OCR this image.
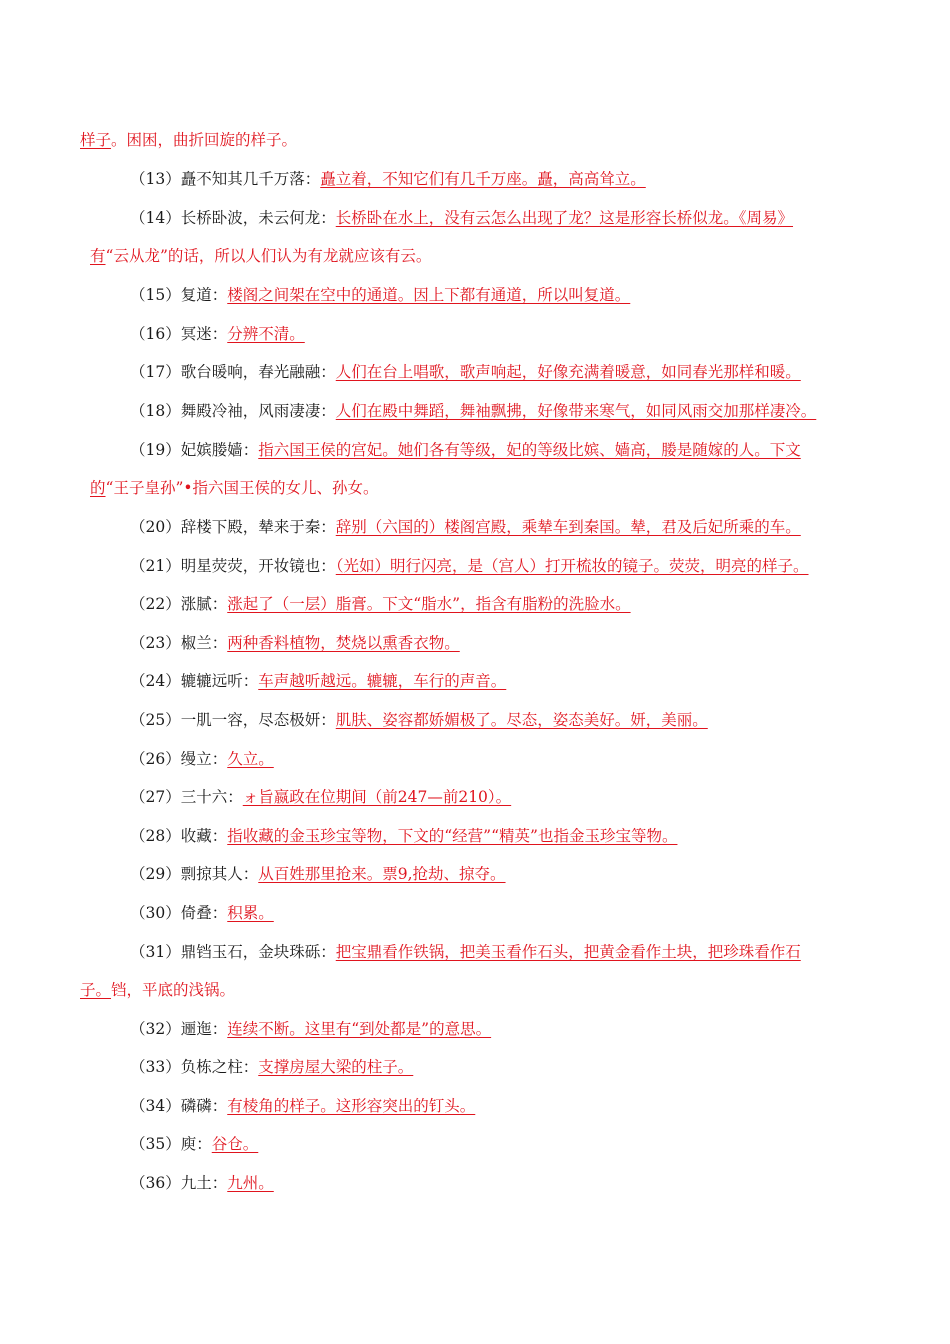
样子。困困，曲折回旋的样子。
（13）矗不知其几千万落：矗立着，不知它们有几千万座。矗，高高耸立。
（14）长桥卧波，未云何龙：长桥卧在水上，没有云怎么出现了龙？这是形容长桥似龙。《周易》
有“云从龙”的话，所以人们认为有龙就应该有云。
（15）复道：楼阁之间架在空中的通道。因上下都有通道，所以叫复道。
（16）冥迷：分辨不清。
（17）歌台暖响，春光融融：人们在台上唱歌，歌声响起，好像充满着暖意，如同春光那样和暖。
（18）舞殿冷袖，风雨凄凄：人们在殿中舞蹈，舞袖飘拂，好像带来寒气，如同风雨交加那样凄冷。
（19）妃嫔媵嫱：指六国王侯的宫妃。她们各有等级，妃的等级比嫔、嫱高，媵是随嫁的人。下文
的“王子皇孙”•指六国王侯的女儿、孙女。
（20）辞楼下殿，辇来于秦：辞别（六国的）楼阁宫殿，乘辇车到秦国。辇，君及后妃所乘的车。
（21）明星荧荧，开妆镜也：（光如）明行闪亮，是（宫人）打开梳妆的镜子。荧荧，明亮的样子。
（22）涨腻：涨起了（一层）脂膏。下文“脂水”，指含有脂粉的洗脸水。
（23）椒兰：两种香料植物，焚烧以熏香衣物。
（24）辘辘远听：车声越听越远。辘辘，车行的声音。
（25）一肌一容，尽态极妍：肌肤、姿容都娇媚极了。尽态，姿态美好。妍，美丽。
（26）缦立：久立。
（27）三十六：ォ旨嬴政在位期间（前247—前210）。
（28）收藏：指收藏的金玉珍宝等物，下文的“经营”“精英”也指金玉珍宝等物。
（29）剽掠其人：从百姓那里抢来。票9,抢劫、掠夺。
（30）倚叠：积累。
（31）鼎铛玉石，金块珠砾：把宝鼎看作铁锅，把美玉看作石头，把黄金看作土块，把珍珠看作石
子。铛，平底的浅锅。
（32）逦迤：连续不断。这里有“到处都是”的意思。
（33）负栋之柱：支撑房屋大梁的柱子。
（34）磷磷：有棱角的样子。这形容突出的钉头。
（35）庾：谷仓。
（36）九土：九州。
